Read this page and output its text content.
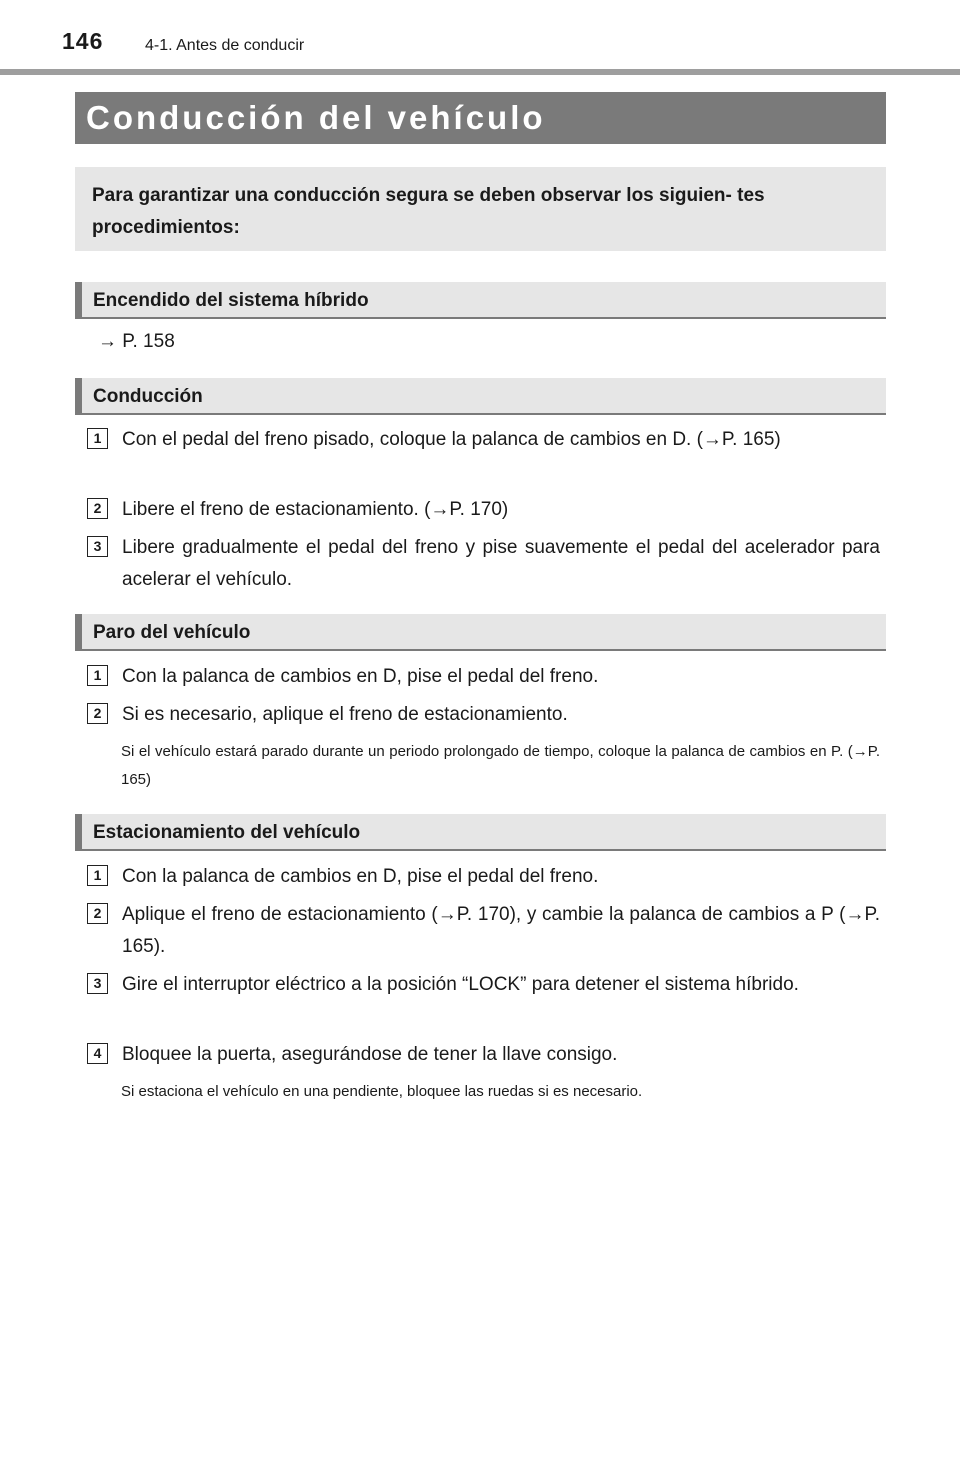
146	4-1. Antes de conducir
Conducción del vehículo
Para garantizar una conducción segura se deben observar los siguien- tes procedimientos:
Encendido del sistema híbrido
→ P. 158
Conducción
1	Con el pedal del freno pisado, coloque la palanca de cambios en D. (→P. 165)
2	Libere el freno de estacionamiento. (→P. 170)
3	Libere gradualmente el pedal del freno y pise suavemente el pedal del acelerador para acelerar el vehículo.
Paro del vehículo
1	Con la palanca de cambios en D, pise el pedal del freno.
2	Si es necesario, aplique el freno de estacionamiento.
Si el vehículo estará parado durante un periodo prolongado de tiempo, coloque la palanca de cambios en P. (→P. 165)
Estacionamiento del vehículo
1	Con la palanca de cambios en D, pise el pedal del freno.
2	Aplique el freno de estacionamiento (→P. 170), y cambie la palanca de cambios a P (→P. 165).
3	Gire el interruptor eléctrico a la posición “LOCK” para detener el sistema híbrido.
4	Bloquee la puerta, asegurándose de tener la llave consigo.
Si estaciona el vehículo en una pendiente, bloquee las ruedas si es necesario.
